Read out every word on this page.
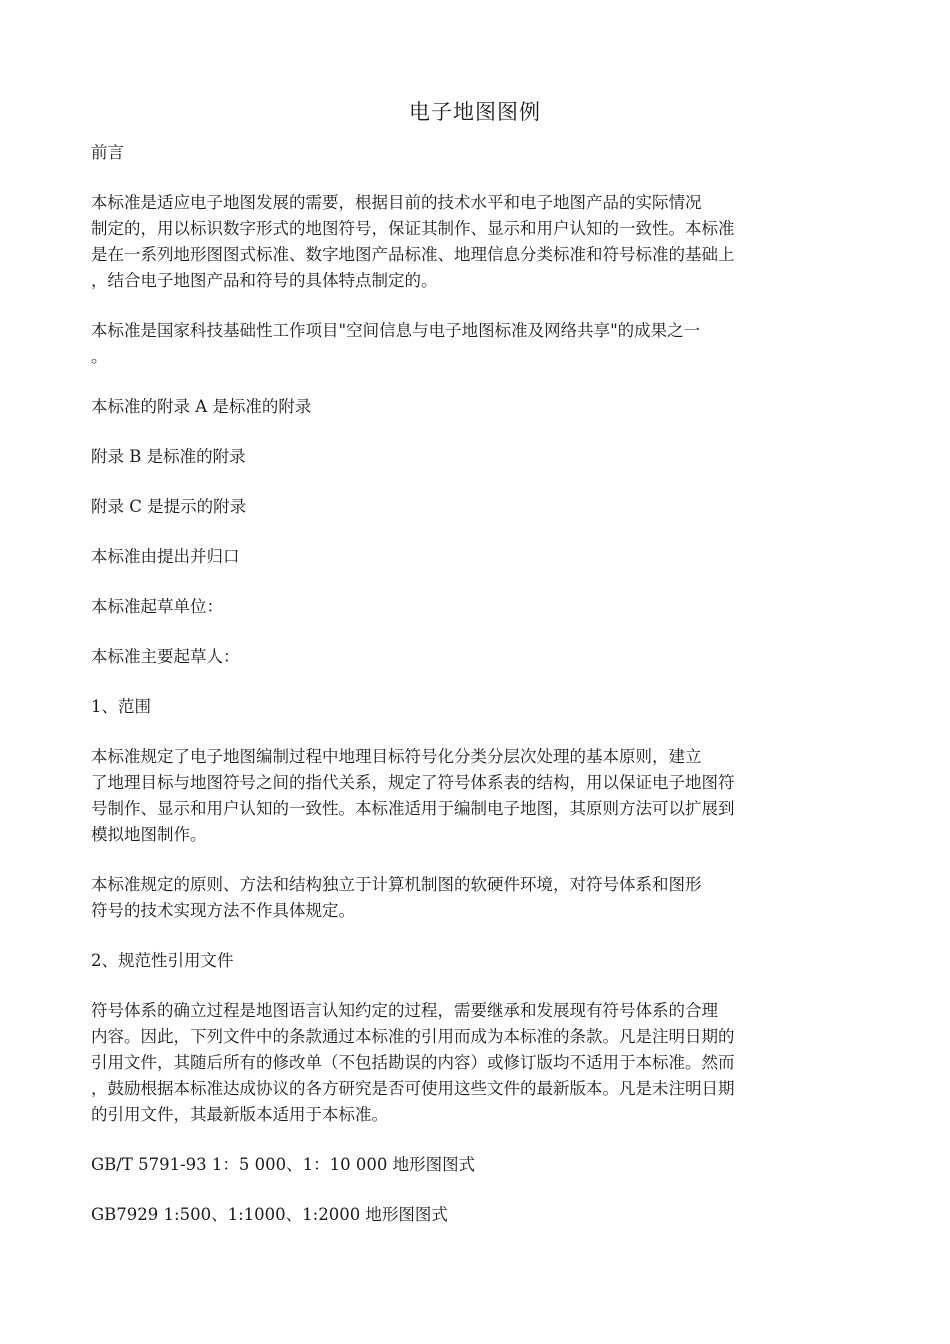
电子地图图例

前言

本标准是适应电子地图发展的需要，根据目前的技术水平和电子地图产品的实际情况
制定的，用以标识数字形式的地图符号，保证其制作、显示和用户认知的一致性。本标准
是在一系列地形图图式标准、数字地图产品标准、地理信息分类标准和符号标准的基础上
，结合电子地图产品和符号的具体特点制定的。

本标准是国家科技基础性工作项目"空间信息与电子地图标准及网络共享"的成果之一
。

本标准的附录 A 是标准的附录

附录 B 是标准的附录

附录 C 是提示的附录

本标准由提出并归口

本标准起草单位：

本标准主要起草人：

1、范围

本标准规定了电子地图编制过程中地理目标符号化分类分层次处理的基本原则，建立
了地理目标与地图符号之间的指代关系，规定了符号体系表的结构，用以保证电子地图符
号制作、显示和用户认知的一致性。本标准适用于编制电子地图，其原则方法可以扩展到
模拟地图制作。

本标准规定的原则、方法和结构独立于计算机制图的软硬件环境，对符号体系和图形
符号的技术实现方法不作具体规定。

2、规范性引用文件

符号体系的确立过程是地图语言认知约定的过程，需要继承和发展现有符号体系的合理
内容。因此，下列文件中的条款通过本标准的引用而成为本标准的条款。凡是注明日期的
引用文件，其随后所有的修改单（不包括勘误的内容）或修订版均不适用于本标准。然而
，鼓励根据本标准达成协议的各方研究是否可使用这些文件的最新版本。凡是未注明日期
的引用文件，其最新版本适用于本标准。

GB/T 5791-93 1：5 000、1：10 000 地形图图式

GB7929 1:500、1:1000、1:2000 地形图图式
